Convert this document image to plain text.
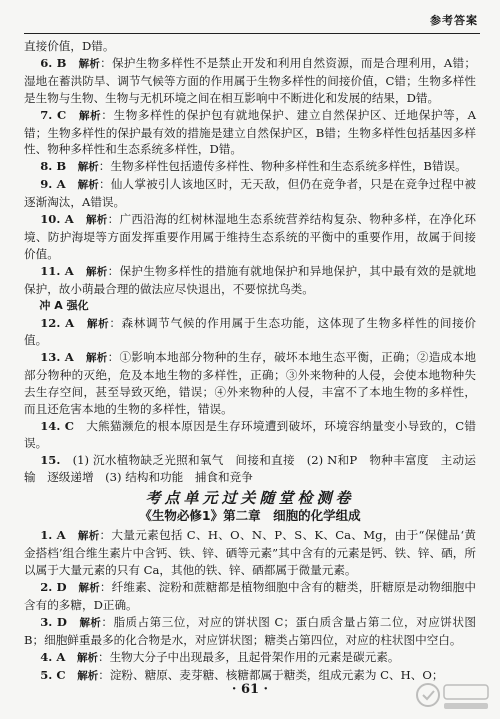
参考答案

直接价值，D错。

6. B　 解析：保护生物多样性不是禁止开发和利用自然资源，而是合理利用，A错；湿地在蓄洪防旱、调节气候等方面的作用属于生物多样性的间接价值，C错；生物多样性是生物与生物、生物与无机环境之间在相互影响中不断进化和发展的结果，D错。

7. C　 解析：生物多样性的保护包有就地保护、建立自然保护区、迁地保护等，A错；生物多样性的保护最有效的措施是建立自然保护区，B错；生物多样性包括基因多样性、物种多样性和生态系统多样性，D错。

8. B　 解析：生物多样性包括遗传多样性、物种多样性和生态系统多样性，B错误。

9. A　 解析：仙人掌被引人该地区时，无天敌，但仍在竞争者，只是在竞争过程中被逐渐淘汰，A错误。

10. A　 解析：广西沿海的红树林湿地生态系统营养结构复杂、物种多样，在净化环境、防护海堤等方面发挥重要作用属于维持生态系统的平衡中的重要作用，故属于间接价值。

11. A　 解析：保护生物多样性的措施有就地保护和异地保护，其中最有效的是就地保护，故小萌最合理的做法应尽快退出，不要惊扰鸟类。

冲 A 强化

12. A　 解析：森林调节气候的作用属于生态功能，这体现了生物多样性的间接价值。

13. A　 解析：①影响本地部分物种的生存，破坏本地生态平衡，正确；②造成本地部分物种的灭绝，危及本地生物的多样性，正确；③外来物种的人侵，会使本地物种失去生存空间，甚至导致灭绝，错误；④外来物种的人侵，丰富不了本地生物的多样性，而且还危害本地的生物的多样性，错误。

14. C　 大熊猫濒危的根本原因是生存环境遭到破坏，环境容纳量变小导致的，C错误。

15.　 (1) 沉水植物缺乏光照和氧气　间接和直接　(2) N和P　物种丰富度　主动运输　逐级递增　(3) 结构和功能　捕食和竞争

考点单元过关随堂检测卷

《生物必修1》第二章　细胞的化学组成

1. A　 解析：大量元素包括 C、H、O、N、P、S、K、Ca、Mg，由于“保健品‘黄金搭档’组合维生素片中含钙、铁、锌、硒等元素”其中含有的元素是钙、铁、锌、硒，所以属于大量元素的只有 Ca，其他的铁、锌、硒都属于微量元素。

2. D　 解析：纤维素、淀粉和蔗糖都是植物细胞中含有的糖类，肝糖原是动物细胞中含有的多糖，D正确。

3. D　 解析：脂质占第三位，对应的饼状图 C；蛋白质含量占第二位，对应饼状图 B；细胞鲜重最多的化合物是水，对应饼状图；糖类占第四位，对应的柱状图中空白。

4. A　 解析：生物大分子中出现最多，且起骨架作用的元素是碳元素。

5. C　 解析：淀粉、糖原、麦芽糖、核糖都属于糖类，组成元素为 C、H、O；

· 61 ·
